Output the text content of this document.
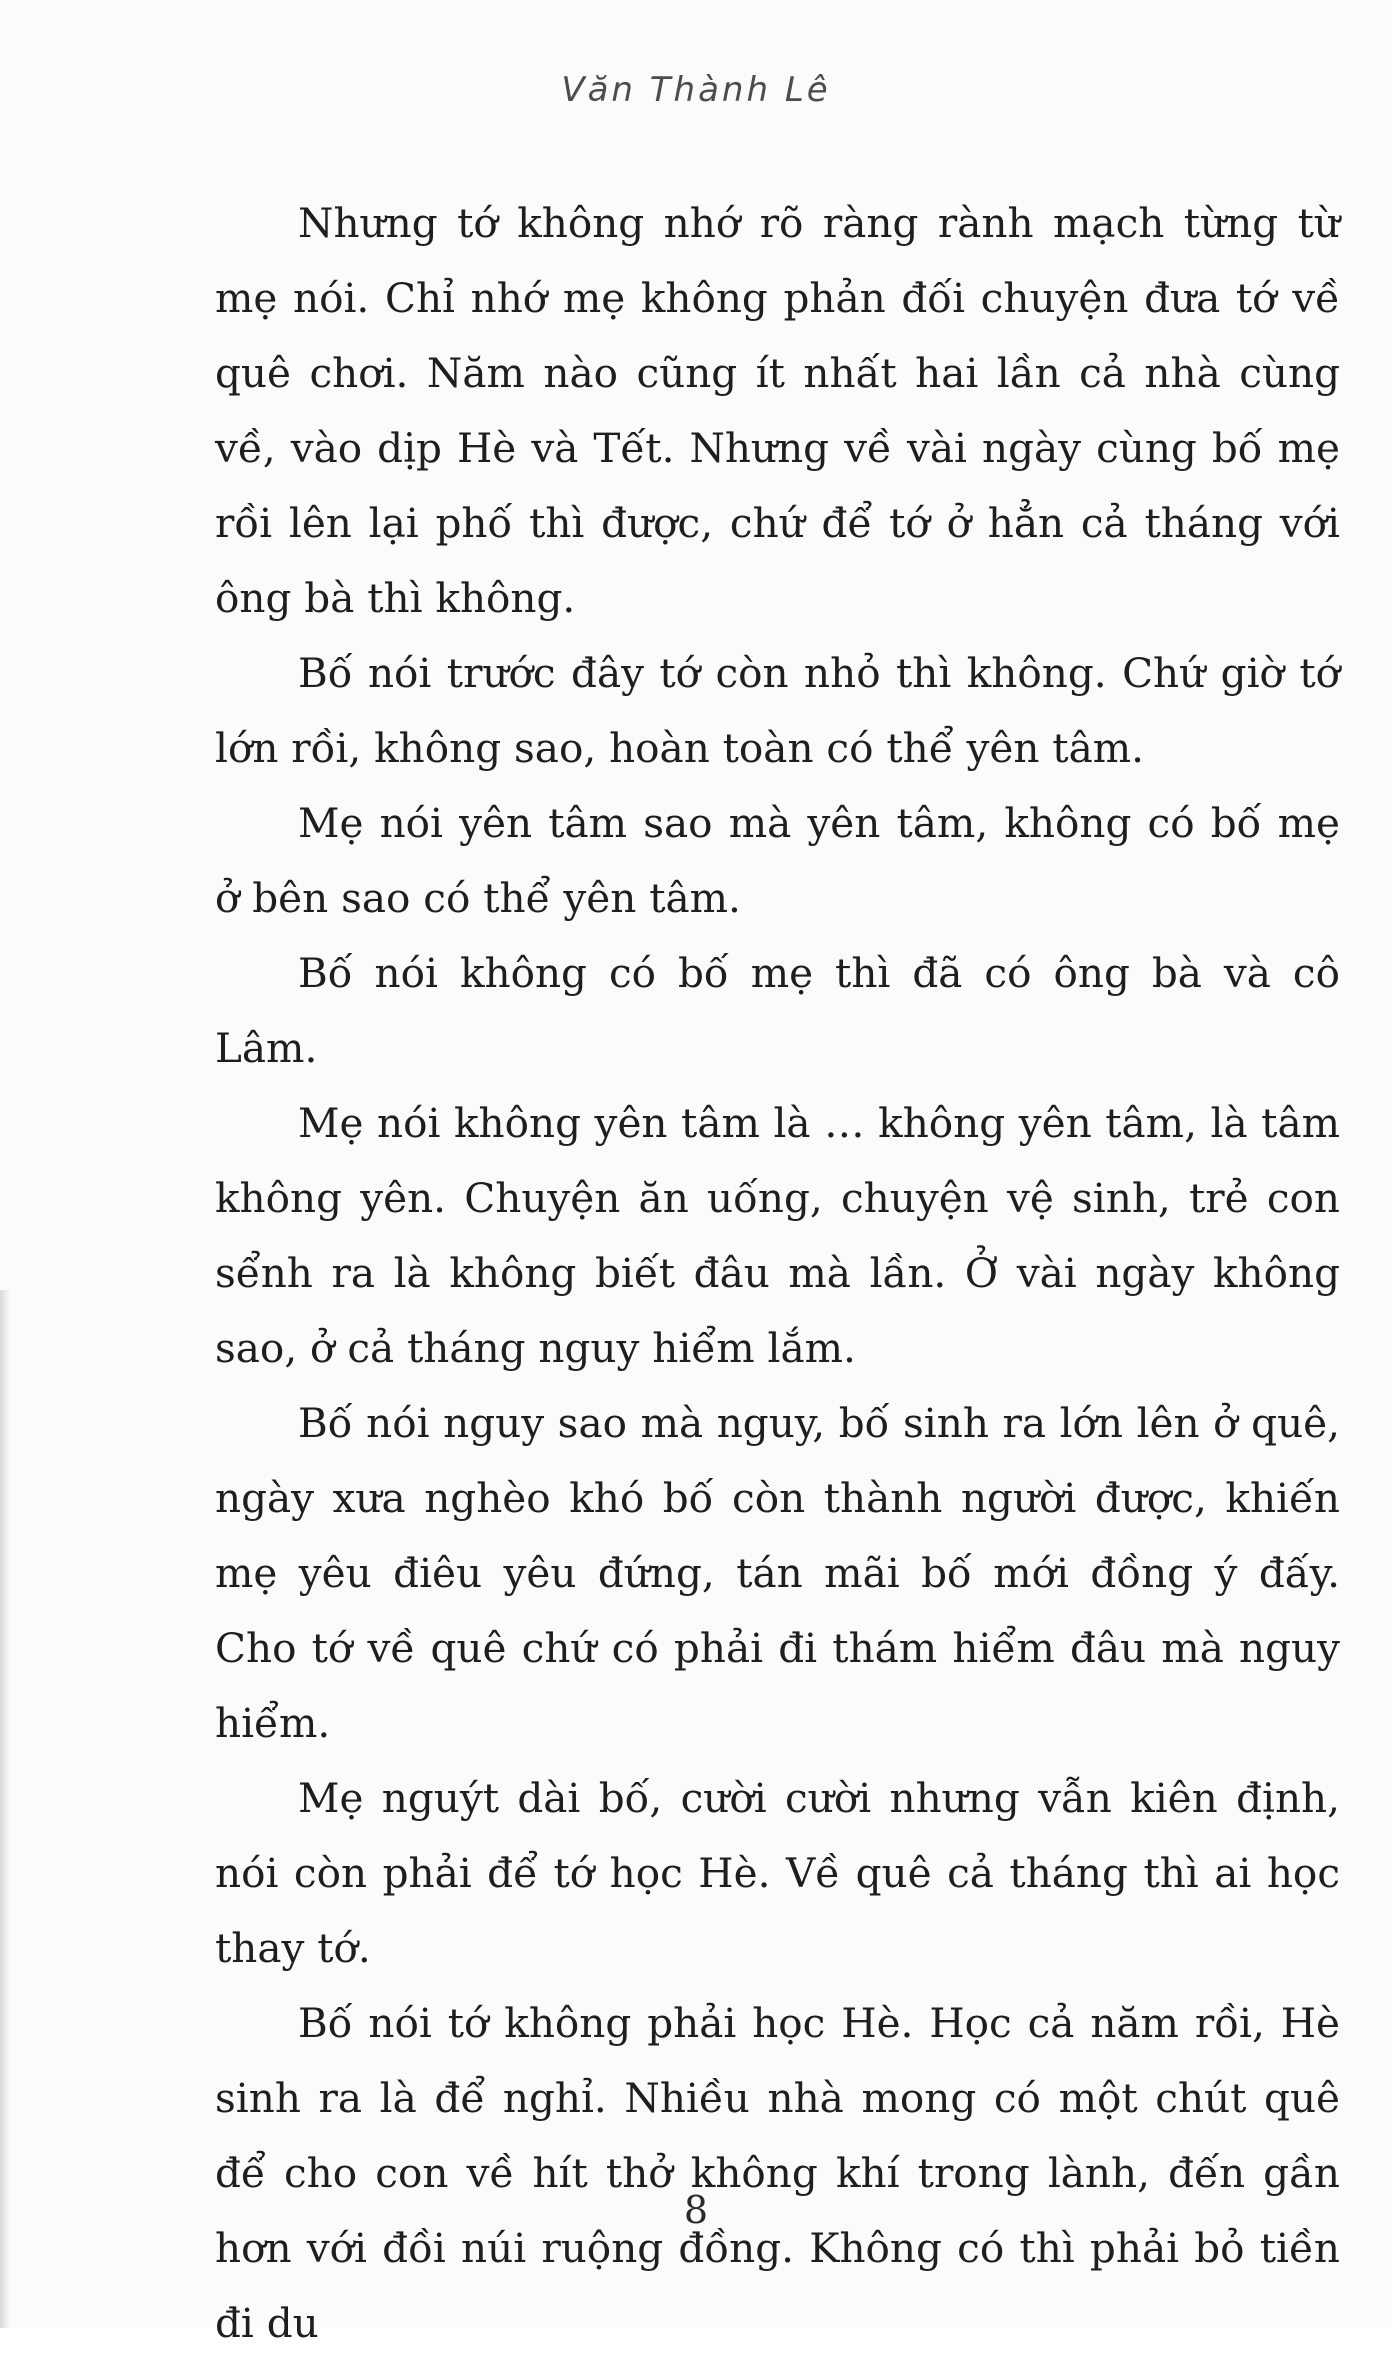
Văn Thành Lê

Nhưng tớ không nhớ rõ ràng rành mạch từng từ mẹ nói. Chỉ nhớ mẹ không phản đối chuyện đưa tớ về quê chơi. Năm nào cũng ít nhất hai lần cả nhà cùng về, vào dịp Hè và Tết. Nhưng về vài ngày cùng bố mẹ rồi lên lại phố thì được, chứ để tớ ở hẳn cả tháng với ông bà thì không.

Bố nói trước đây tớ còn nhỏ thì không. Chứ giờ tớ lớn rồi, không sao, hoàn toàn có thể yên tâm.

Mẹ nói yên tâm sao mà yên tâm, không có bố mẹ ở bên sao có thể yên tâm.

Bố nói không có bố mẹ thì đã có ông bà và cô Lâm.

Mẹ nói không yên tâm là … không yên tâm, là tâm không yên. Chuyện ăn uống, chuyện vệ sinh, trẻ con sểnh ra là không biết đâu mà lần. Ở vài ngày không sao, ở cả tháng nguy hiểm lắm.

Bố nói nguy sao mà nguy, bố sinh ra lớn lên ở quê, ngày xưa nghèo khó bố còn thành người được, khiến mẹ yêu điêu yêu đứng, tán mãi bố mới đồng ý đấy. Cho tớ về quê chứ có phải đi thám hiểm đâu mà nguy hiểm.

Mẹ nguýt dài bố, cười cười nhưng vẫn kiên định, nói còn phải để tớ học Hè. Về quê cả tháng thì ai học thay tớ.

Bố nói tớ không phải học Hè. Học cả năm rồi, Hè sinh ra là để nghỉ. Nhiều nhà mong có một chút quê để cho con về hít thở không khí trong lành, đến gần hơn với đồi núi ruộng đồng. Không có thì phải bỏ tiền đi du

8
